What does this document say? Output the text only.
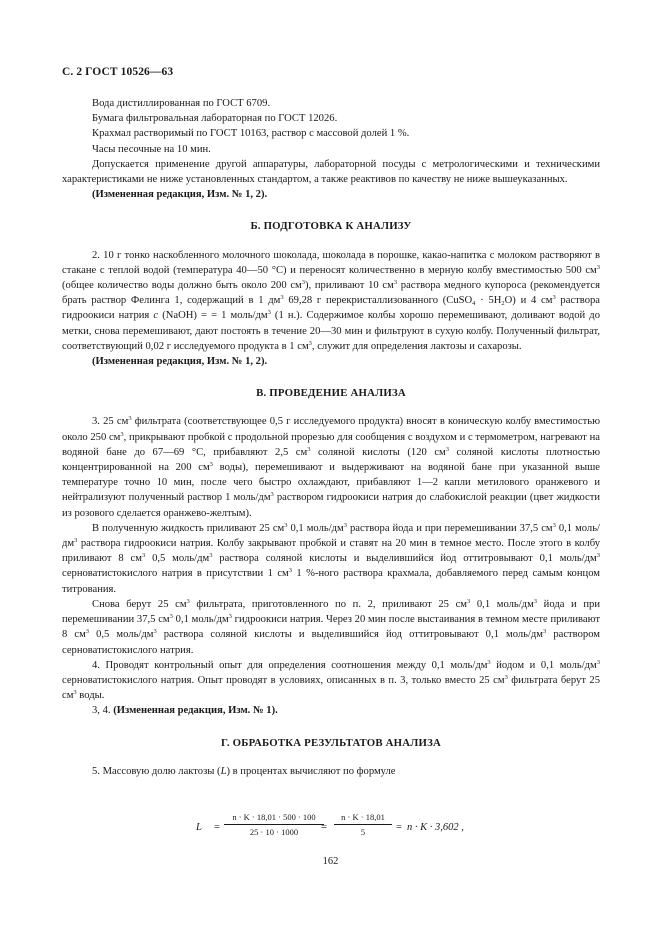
С. 2 ГОСТ 10526—63

Вода дистиллированная по ГОСТ 6709.

Бумага фильтровальная лабораторная по ГОСТ 12026.

Крахмал растворимый по ГОСТ 10163, раствор с массовой долей 1 %.

Часы песочные на 10 мин.

Допускается применение другой аппаратуры, лабораторной посуды с метрологическими и техническими характеристиками не ниже установленных стандартом, а также реактивов по качеству не ниже вышеуказанных.

(Измененная редакция, Изм. № 1, 2).

Б. ПОДГОТОВКА К АНАЛИЗУ

2. 10 г тонко наскобленного молочного шоколада, шоколада в порошке, какао-напитка с молоком растворяют в стакане с теплой водой (температура 40—50 °С) и переносят количественно в мерную колбу вместимостью 500 $см^3$ (общее количество воды должно быть около 200 $см^3$), приливают 10 $см^3$ раствора медного купороса (рекомендуется брать раствор Фелинга 1, содержащий в 1 $дм^3$ 69,28 г перекристаллизованного (CuSO$_4$ · $5H_2O$) и 4 $см^3$ раствора гидроокиси натрия с (NaOH) = = 1 моль/$дм^3$ (1 н.). Содержимое колбы хорошо перемешивают, доливают водой до метки, снова перемешивают, дают постоять в течение 20—30 мин и фильтруют в сухую колбу. Полученный фильтрат, соответствующий 0,02 г исследуемого продукта в 1 $см^3$, служит для определения лактозы и сахарозы.

(Измененная редакция, Изм. № 1, 2).

В. ПРОВЕДЕНИЕ АНАЛИЗА

3. 25 $см^3$ фильтрата (соответствующее 0,5 г исследуемого продукта) вносят в коническую колбу вместимостью около 250 $см^3$, прикрывают пробкой с продольной прорезью для сообщения с воздухом и с термометром, нагревают на водяной бане до 67—69 °С, прибавляют 2,5 $см^3$ соляной кислоты (120 $см^3$ соляной кислоты плотностью концентрированной на 200 $см^3$ воды), перемешивают и выдерживают на водяной бане при указанной выше температуре точно 10 мин, после чего быстро охлаждают, прибавляют 1—2 капли метилового оранжевого и нейтрализуют полученный раствор 1 моль/$дм^3$ раствором гидроокиси натрия до слабокислой реакции (цвет жидкости из розового сделается оранжево-желтым).

В полученную жидкость приливают 25 $см^3$ 0,1 моль/$дм^3$ раствора йода и при перемешивании 37,5 $см^3$ 0,1 моль/$дм^3$ раствора гидроокиси натрия. Колбу закрывают пробкой и ставят на 20 мин в темное место. После этого в колбу приливают 8 $см^3$ 0,5 моль/$дм^3$ раствора соляной кислоты и выделившийся йод оттитровывают 0,1 моль/$дм^3$ серноватистокислого натрия в присутствии 1 $см^3$ 1 %-ного раствора крахмала, добавляемого перед самым концом титрования.

Снова берут 25 $см^3$ фильтрата, приготовленного по п. 2, приливают 25 $см^3$ 0,1 моль/$дм^3$ йода и при перемешивании 37,5 $см^3$ 0,1 моль/$дм^3$ гидроокиси натрия. Через 20 мин после выстаивания в темном месте приливают 8 $см^3$ 0,5 моль/$дм^3$ раствора соляной кислоты и выделившийся йод оттитровывают 0,1 моль/$дм^3$ раствором серноватистокислого натрия.

4. Проводят контрольный опыт для определения соотношения между 0,1 моль/$дм^3$ йодом и 0,1 моль/$дм^3$ серноватистокислого натрия. Опыт проводят в условиях, описанных в п. 3, только вместо 25 $см^3$ фильтрата берут 25 $см^3$ воды.

3, 4. (Измененная редакция, Изм. № 1).

Г. ОБРАБОТКА РЕЗУЛЬТАТОВ АНАЛИЗА

5. Массовую долю лактозы (L) в процентах вычисляют по формуле

$L = \frac{n \cdot K \cdot 18,01 \cdot 500 \cdot 100}{25 \cdot 10 \cdot 1000}$
= $\frac{n \cdot K \cdot 18,01}{5} = n \cdot K \cdot 3,602$ ,
162
